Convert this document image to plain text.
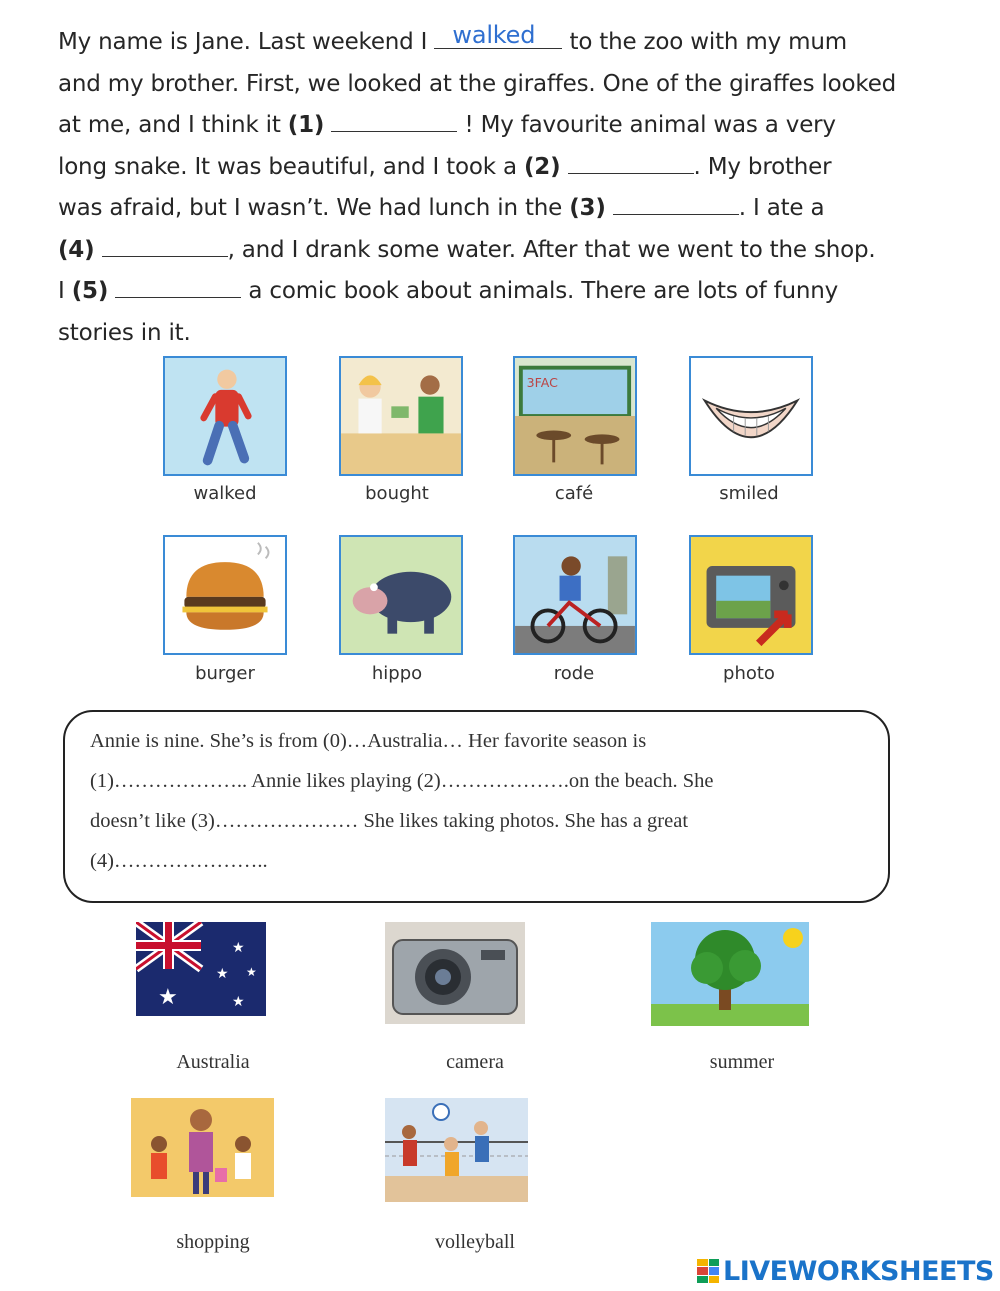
My name is Jane. Last weekend I walked to the zoo with my mum
and my brother. First, we looked at the giraffes. One of the giraffes looked
at me, and I think it (1)	! My favourite animal was a very
long snake. It was beautiful, and I took a (2)	. My brother
was afraid, but I wasn’t. We had lunch in the (3)	. I ate a
(4)	, and I drank some water. After that we went to the shop.
I (5)	a comic book about animals. There are lots of funny
stories in it.
walked	bought
3FAC
café	smiled
burger	hippo	rode	photo
Annie is nine. She’s is from (0)…Australia… Her favorite season is
(1)……………….. Annie likes playing (2)……………….on the beach. She
doesn’t like (3)………………… She likes taking photos. She has a great
(4)…………………..
★
★
★ ★
★
Australia	camera	summer
shopping	volleyball
LIVEWORKSHEETS
